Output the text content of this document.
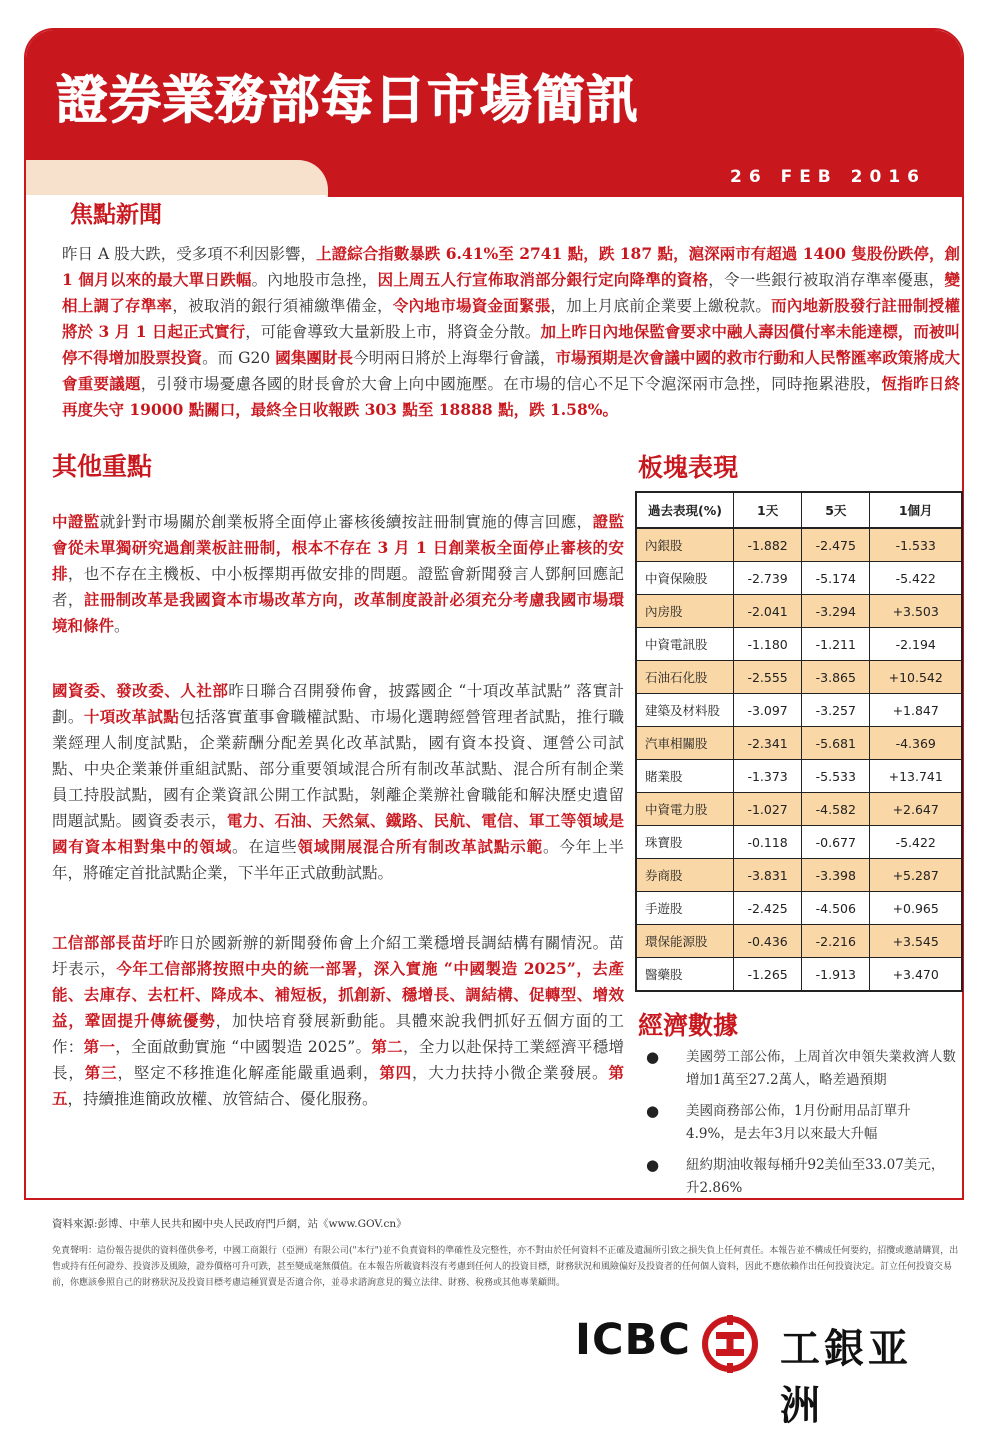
證券業務部每日市場簡訊
26 FEB 2016
焦點新聞
昨日 A 股大跌，受多項不利因影響，上證綜合指數暴跌 6.41%至 2741 點，跌 187 點，滬深兩市有超過 1400 隻股份跌停，創 1 個月以來的最大單日跌幅。內地股市急挫，因上周五人行宣佈取消部分銀行定向降準的資格，令一些銀行被取消存準率優惠，變相上調了存準率，被取消的銀行須補繳準備金，令內地市場資金面緊張，加上月底前企業要上繳稅款。而內地新股發行註冊制授權將於 3 月 1 日起正式實行，可能會導致大量新股上市，將資金分散。加上昨日內地保監會要求中融人壽因償付率未能達標，而被叫停不得增加股票投資。而 G20 國集團財長今明兩日將於上海舉行會議，市場預期是次會議中國的救市行動和人民幣匯率政策將成大會重要議題，引發市場憂慮各國的財長會於大會上向中國施壓。在市場的信心不足下令滬深兩市急挫，同時拖累港股，恆指昨日終再度失守 19000 點關口，最終全日收報跌 303 點至 18888 點，跌 1.58%。
其他重點
中證監就針對市場關於創業板將全面停止審核後續按註冊制實施的傳言回應，證監會從未單獨研究過創業板註冊制，根本不存在 3 月 1 日創業板全面停止審核的安排，也不存在主機板、中小板擇期再做安排的問題。證監會新聞發言人鄧舸回應記者，註冊制改革是我國資本市場改革方向，改革制度設計必須充分考慮我國市場環境和條件。
國資委、發改委、人社部昨日聯合召開發佈會，披露國企 “十項改革試點” 落實計劃。十項改革試點包括落實董事會職權試點、市場化選聘經營管理者試點，推行職業經理人制度試點，企業薪酬分配差異化改革試點，國有資本投資、運營公司試點、中央企業兼併重組試點、部分重要領域混合所有制改革試點、混合所有制企業員工持股試點，國有企業資訊公開工作試點，剝離企業辦社會職能和解決歷史遺留問題試點。國資委表示，電力、石油、天然氣、鐵路、民航、電信、軍工等領域是國有資本相對集中的領域。在這些領域開展混合所有制改革試點示範。今年上半年，將確定首批試點企業，下半年正式啟動試點。
工信部部長苗圩昨日於國新辦的新聞發佈會上介紹工業穩增長調結構有關情況。苗圩表示，今年工信部將按照中央的統一部署，深入實施 “中國製造 2025”，去產能、去庫存、去杠杆、降成本、補短板，抓創新、穩增長、調結構、促轉型、增效益，鞏固提升傳統優勢，加快培育發展新動能。具體來說我們抓好五個方面的工作：第一，全面啟動實施 “中國製造 2025”。第二，全力以赴保持工業經濟平穩增長，第三，堅定不移推進化解產能嚴重過剩，第四，大力扶持小微企業發展。第五，持續推進簡政放權、放管結合、優化服務。
板塊表現
過去表現(%)	1天	5天	1個月
內銀股	-1.882	-2.475	-1.533
中資保險股	-2.739	-5.174	-5.422
內房股	-2.041	-3.294	+3.503
中資電訊股	-1.180	-1.211	-2.194
石油石化股	-2.555	-3.865	+10.542
建築及材料股	-3.097	-3.257	+1.847
汽車相關股	-2.341	-5.681	-4.369
賭業股	-1.373	-5.533	+13.741
中資電力股	-1.027	-4.582	+2.647
珠寶股	-0.118	-0.677	-5.422
券商股	-3.831	-3.398	+5.287
手遊股	-2.425	-4.506	+0.965
環保能源股	-0.436	-2.216	+3.545
醫藥股	-1.265	-1.913	+3.470
經濟數據
● 美國勞工部公佈，上周首次申領失業救濟人數增加1萬至27.2萬人，略差過預期
● 美國商務部公佈，1月份耐用品訂單升4.9%，是去年3月以來最大升幅
● 紐約期油收報每桶升92美仙至33.07美元，升2.86%
資料來源:彭博、中華人民共和國中央人民政府門戶網，站《www.GOV.cn》
免責聲明：這份報告提供的資料僅供參考，中國工商銀行（亞洲）有限公司("本行")並不負責資料的準確性及完整性，亦不對由於任何資料不正確及遺漏所引致之損失負上任何責任。本報告並不構成任何要約，招攬或邀請購買，出售或持有任何證券、投資涉及風險，證券價格可升可跌，甚至變成毫無價值。在本報告所載資料沒有考慮到任何人的投資目標，財務狀況和風險偏好及投資者的任何個人資料，因此不應依賴作出任何投資決定。訂立任何投資交易前，你應該參照自己的財務狀況及投資目標考慮這種買賣是否適合你，並尋求諮詢意見的獨立法律、財務、稅務或其他專業顧問。
ICBC 工銀亚洲
